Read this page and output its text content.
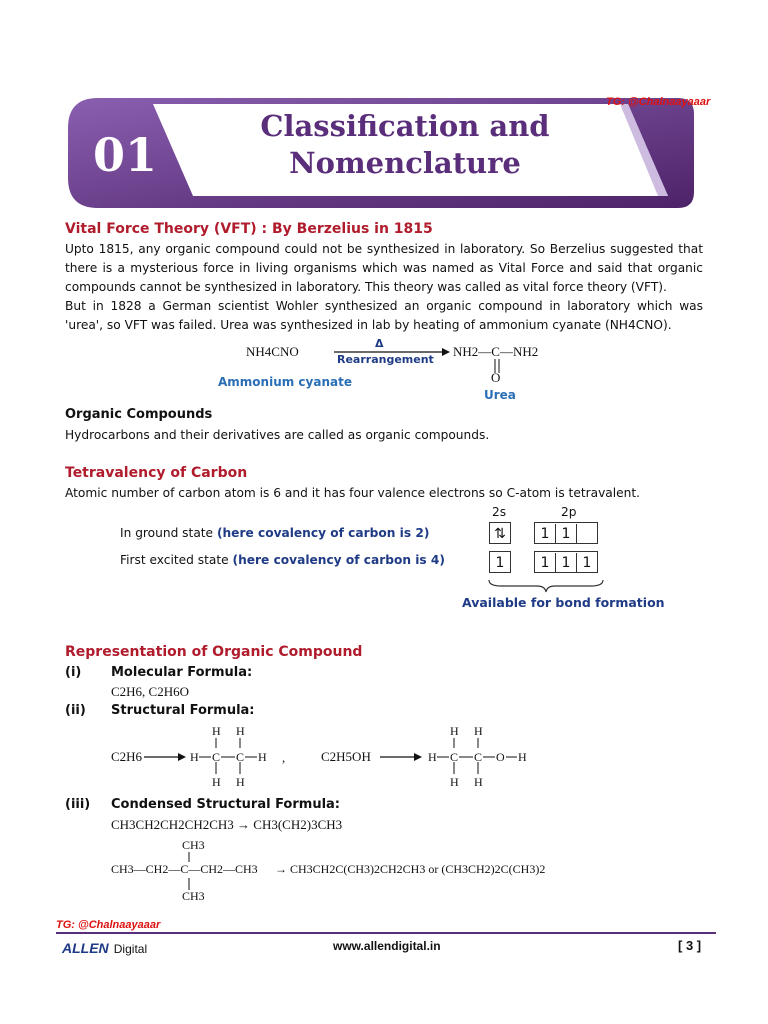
TG: @Chalnaayaaar
01
Classification and
Nomenclature
Vital Force Theory (VFT) : By Berzelius in 1815
Upto 1815, any organic compound could not be synthesized in laboratory. So Berzelius suggested that there is a mysterious force in living organisms which was named as Vital Force and said that organic compounds cannot be synthesized in laboratory. This theory was called as vital force theory (VFT).
But in 1828 a German scientist Wohler synthesized an organic compound in laboratory which was 'urea', so VFT was failed. Urea was synthesized in lab by heating of ammonium cyanate (NH4CNO).
NH4CNO
Δ
Rearrangement
Ammonium cyanate
NH2—C—NH2
O
Urea
Organic Compounds
Hydrocarbons and their derivatives are called as organic compounds.
Tetravalency of Carbon
Atomic number of carbon atom is 6 and it has four valence electrons so C-atom is tetravalent.
2s	2p
In ground state (here covalency of carbon is 2)	⇅	1 1
First excited state (here covalency of carbon is 4)	1	1 1 1
Available for bond formation
Representation of Organic Compound
(i) Molecular Formula:
C2H6, C2H6O
(ii) Structural Formula:
C2H6	H C C H
H H
H H
,	C2H5OH	H C C O H
H H
H H
(iii) Condensed Structural Formula:
CH3CH2CH2CH2CH3 → CH3(CH2)3CH3
CH3
CH3—CH2—C—CH2—CH3
CH3
→ CH3CH2C(CH3)2CH2CH3 or (CH3CH2)2C(CH3)2
TG: @Chalnaayaaar
ALLEN Digital	www.allendigital.in	[ 3 ]
